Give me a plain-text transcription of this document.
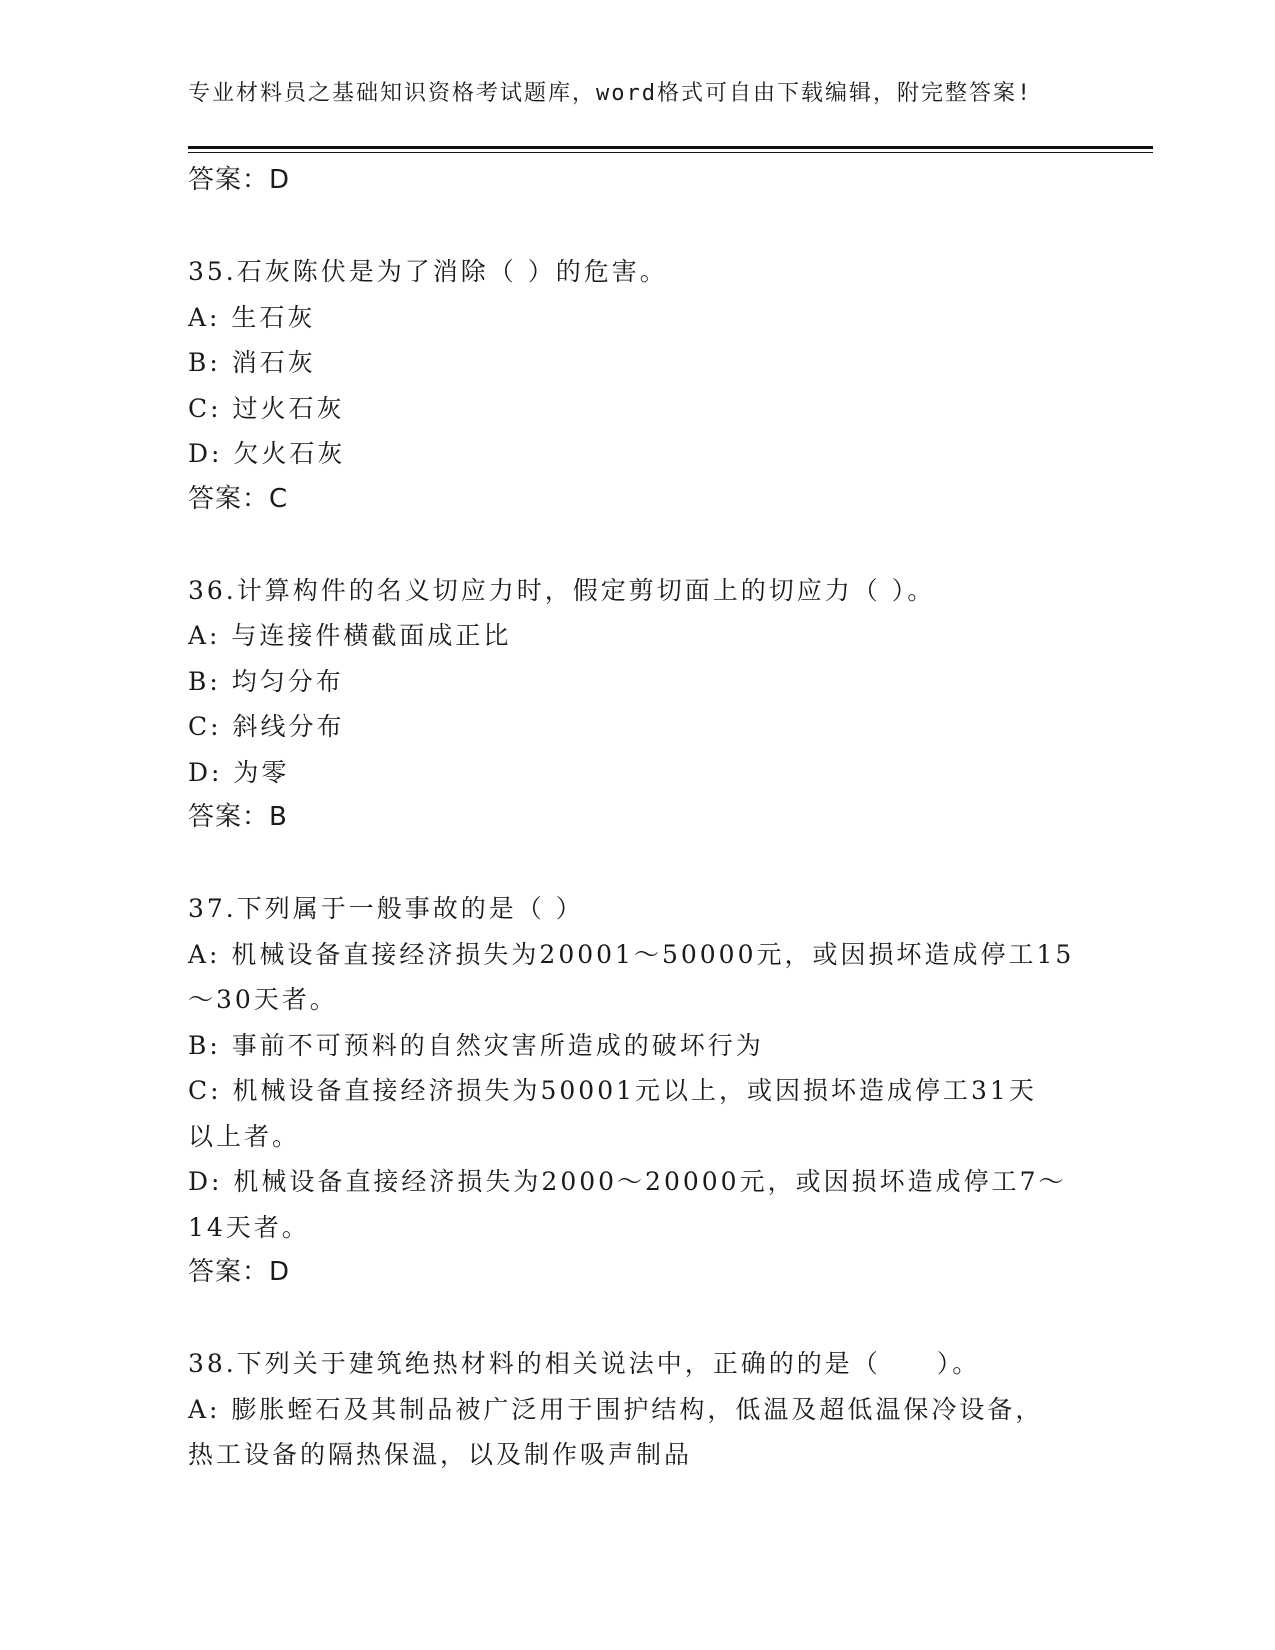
专业材料员之基础知识资格考试题库，word格式可自由下载编辑，附完整答案!
答案：D
35.石灰陈伏是为了消除（ ）的危害。
A: 生石灰
B: 消石灰
C: 过火石灰
D: 欠火石灰
答案：C
36.计算构件的名义切应力时，假定剪切面上的切应力（ ）。
A: 与连接件横截面成正比
B: 均匀分布
C: 斜线分布
D: 为零
答案：B
37.下列属于一般事故的是（ ）
A: 机械设备直接经济损失为20001～50000元，或因损坏造成停工15
～30天者。
B: 事前不可预料的自然灾害所造成的破坏行为
C: 机械设备直接经济损失为50001元以上，或因损坏造成停工31天
以上者。
D: 机械设备直接经济损失为2000～20000元，或因损坏造成停工7～
14天者。
答案：D
38.下列关于建筑绝热材料的相关说法中，正确的的是（　　）。
A: 膨胀蛭石及其制品被广泛用于围护结构，低温及超低温保冷设备，
热工设备的隔热保温，以及制作吸声制品
